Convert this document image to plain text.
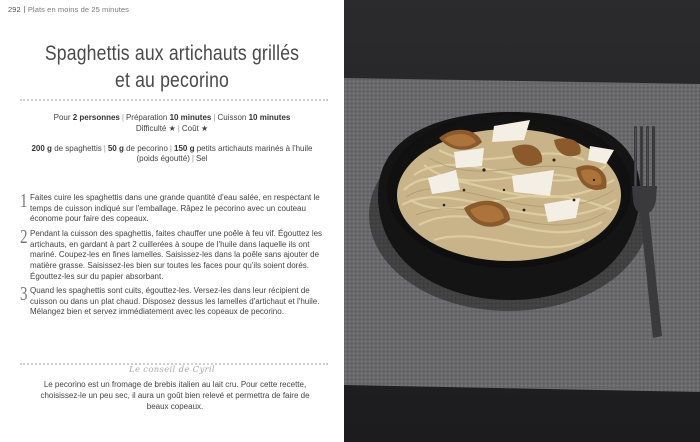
292 Plats en moins de 25 minutes
Spaghettis aux artichauts grillés
et au pecorino
Pour 2 personnes | Préparation 10 minutes | Cuisson 10 minutes
Difficulté ★ | Coût ★
200 g de spaghettis | 50 g de pecorino | 150 g petits artichauts marinés à l'huile
(poids égoutté) | Sel
1 Faites cuire les spaghettis dans une grande quantité d'eau salée, en respectant le temps de cuisson indiqué sur l'emballage. Râpez le pecorino avec un couteau économe pour faire des copeaux.
2 Pendant la cuisson des spaghettis, faites chauffer une poêle à feu vif. Égouttez les artichauts, en gardant à part 2 cuillerées à soupe de l'huile dans laquelle ils ont mariné. Coupez-les en fines lamelles. Saisissez-les dans la poêle sans ajouter de matière grasse. Saisissez-les bien sur toutes les faces pour qu'ils soient dorés. Égouttez-les sur du papier absorbant.
3 Quand les spaghettis sont cuits, égouttez-les. Versez-les dans leur récipient de cuisson ou dans un plat chaud. Disposez dessus les lamelles d'artichaut et l'huile. Mélangez bien et servez immédiatement avec les copeaux de pecorino.
Le conseil de Cyril
Le pecorino est un fromage de brebis italien au lait cru. Pour cette recette, choisissez-le un peu sec, il aura un goût bien relevé et permettra de faire de beaux copeaux.
